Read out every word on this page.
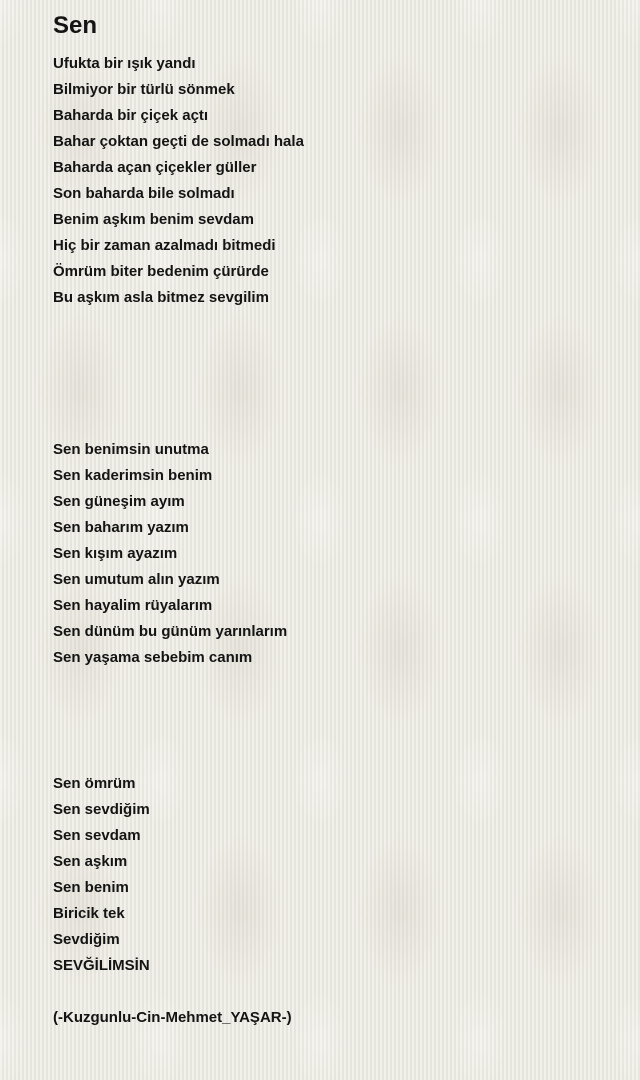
Sen
Ufukta bir ışık yandı
Bilmiyor bir türlü sönmek
Baharda bir çiçek açtı
Bahar çoktan geçti de solmadı hala
Baharda açan çiçekler güller
Son baharda bile solmadı
Benim aşkım benim sevdam
Hiç bir zaman azalmadı bitmedi
Ömrüm biter bedenim çürürde
Bu aşkım asla bitmez sevgilim
Sen benimsin unutma
Sen kaderimsin benim
Sen güneşim ayım
Sen baharım yazım
Sen kışım ayazım
Sen umutum alın yazım
Sen hayalim rüyalarım
Sen dünüm bu günüm yarınlarım
Sen yaşama sebebim canım
Sen ömrüm
Sen sevdiğim
Sen sevdam
Sen aşkım
Sen benim
Biricik tek
Sevdiğim
SEVĞİLİMSİN

(-Kuzgunlu-Cin-Mehmet_YAŞAR-)
